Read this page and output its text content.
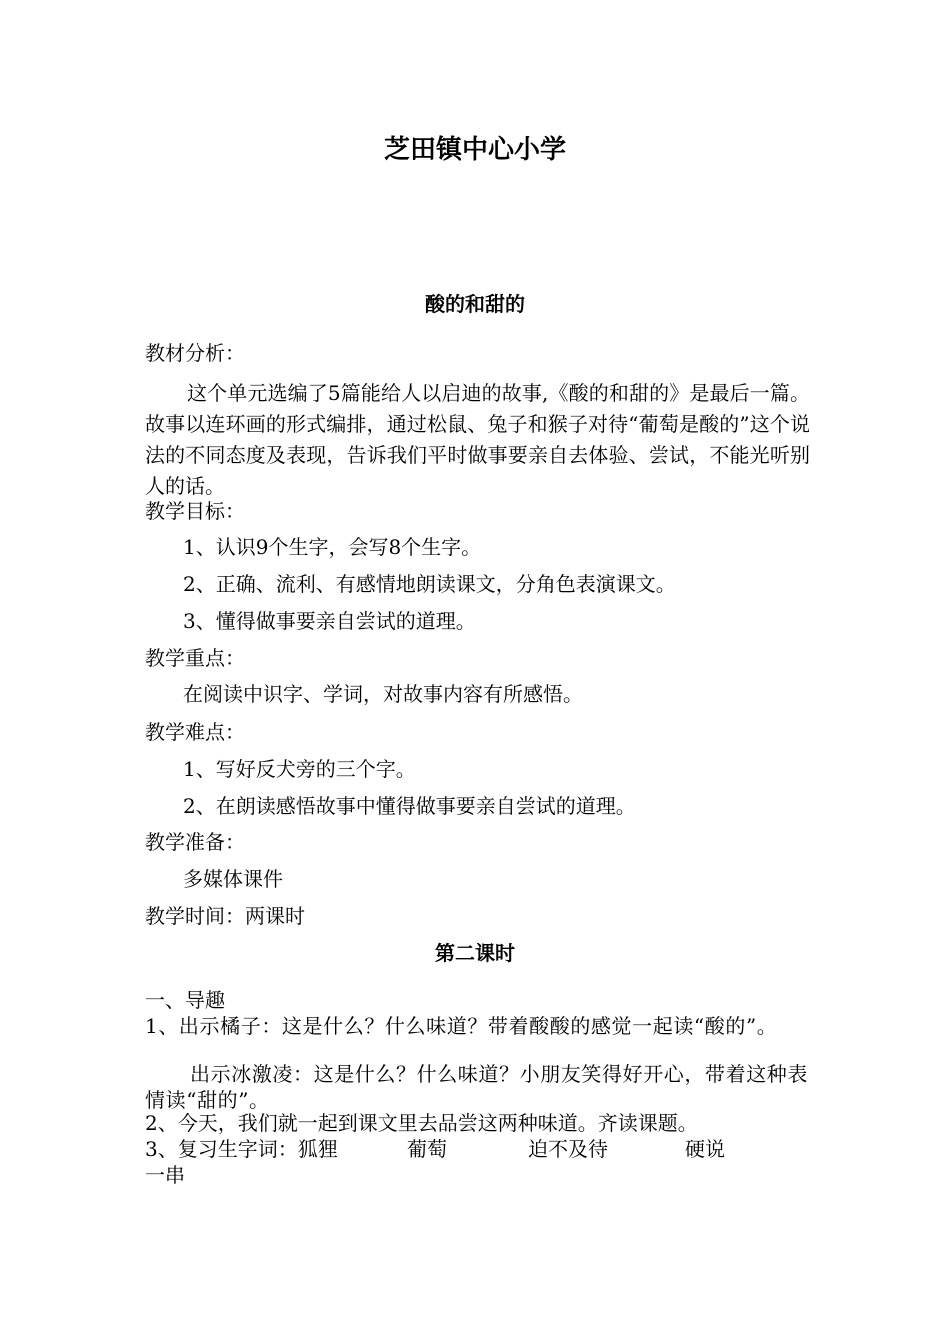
芝田镇中心小学
酸的和甜的
教材分析：
这个单元选编了5篇能给人以启迪的故事,《酸的和甜的》是最后一篇。故事以连环画的形式编排，通过松鼠、兔子和猴子对待“葡萄是酸的”这个说法的不同态度及表现，告诉我们平时做事要亲自去体验、尝试，不能光听别人的话。
教学目标：
1、认识9个生字，会写8个生字。
2、正确、流利、有感情地朗读课文，分角色表演课文。
3、懂得做事要亲自尝试的道理。
教学重点：
在阅读中识字、学词，对故事内容有所感悟。
教学难点：
1、写好反犬旁的三个字。
2、在朗读感悟故事中懂得做事要亲自尝试的道理。
教学准备：
多媒体课件
教学时间：两课时
第二课时
一、导趣
1、出示橘子：这是什么？什么味道？带着酸酸的感觉一起读“酸的”。
出示冰激凌：这是什么？什么味道？小朋友笑得好开心，带着这种表情读“甜的”。
2、今天，我们就一起到课文里去品尝这两种味道。齐读课题。
3、复习生字词：狐狸	葡萄	迫不及待	硬说
一串
